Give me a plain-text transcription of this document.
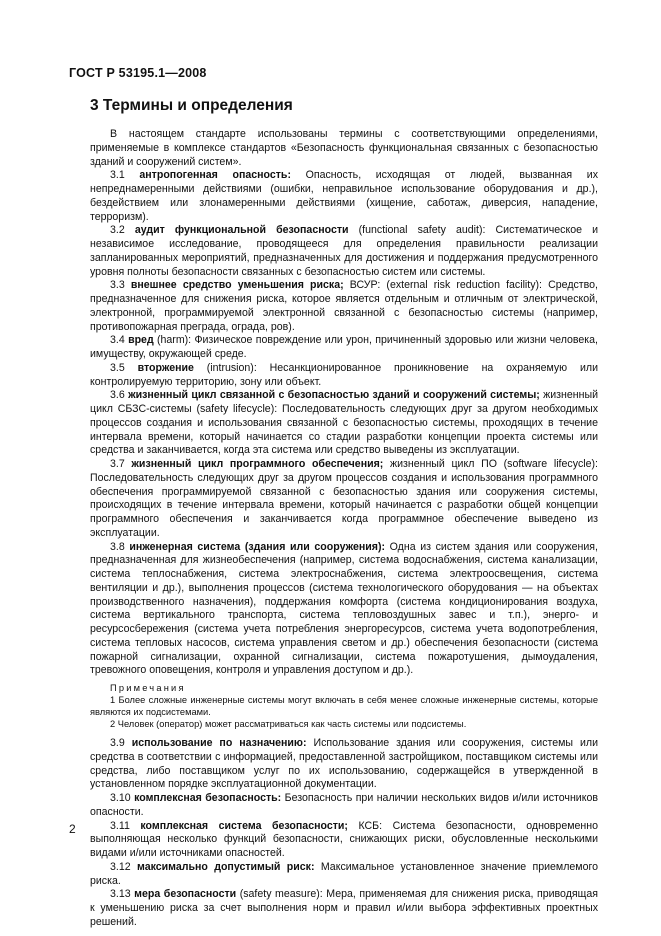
ГОСТ Р 53195.1—2008
3 Термины и определения

В настоящем стандарте использованы термины с соответствующими определениями, применяемые в комплексе стандартов «Безопасность функциональная связанных с безопасностью зданий и сооружений систем».

3.1 антропогенная опасность: Опасность, исходящая от людей, вызванная их непреднамеренными действиями (ошибки, неправильное использование оборудования и др.), бездействием или злонамеренными действиями (хищение, саботаж, диверсия, нападение, терроризм).

3.2 аудит функциональной безопасности (functional safety audit): Систематическое и независимое исследование, проводящееся для определения правильности реализации запланированных мероприятий, предназначенных для достижения и поддержания предусмотренного уровня полноты безопасности связанных с безопасностью систем или системы.

3.3 внешнее средство уменьшения риска; ВСУР: (external risk reduction facility): Средство, предназначенное для снижения риска, которое является отдельным и отличным от электрической, электронной, программируемой электронной связанной с безопасностью системы (например, противопожарная преграда, ограда, ров).

3.4 вред (harm): Физическое повреждение или урон, причиненный здоровью или жизни человека, имуществу, окружающей среде.

3.5 вторжение (intrusion): Несанкционированное проникновение на охраняемую или контролируемую территорию, зону или объект.

3.6 жизненный цикл связанной с безопасностью зданий и сооружений системы; жизненный цикл СБЗС-системы (safety lifecycle): Последовательность следующих друг за другом необходимых процессов создания и использования связанной с безопасностью системы, проходящих в течение интервала времени, который начинается со стадии разработки концепции проекта системы или средства и заканчивается, когда эта система или средство выведены из эксплуатации.

3.7 жизненный цикл программного обеспечения; жизненный цикл ПО (software lifecycle): Последовательность следующих друг за другом процессов создания и использования программного обеспечения программируемой связанной с безопасностью здания или сооружения системы, происходящих в течение интервала времени, который начинается с разработки общей концепции программного обеспечения и заканчивается когда программное обеспечение выведено из эксплуатации.

3.8 инженерная система (здания или сооружения): Одна из систем здания или сооружения, предназначенная для жизнеобеспечения (например, система водоснабжения, система канализации, система теплоснабжения, система электроснабжения, система электроосвещения, система вентиляции и др.), выполнения процессов (система технологического оборудования — на объектах производственного назначения), поддержания комфорта (система кондиционирования воздуха, система вертикального транспорта, система тепловоздушных завес и т.п.), энерго- и ресурсосбережения (система учета потребления энергоресурсов, система учета водопотребления, система тепловых насосов, система управления светом и др.) обеспечения безопасности (система пожарной сигнализации, охранной сигнализации, система пожаротушения, дымоудаления, тревожного оповещения, контроля и управления доступом и др.).

Примечания

1 Более сложные инженерные системы могут включать в себя менее сложные инженерные системы, которые являются их подсистемами.

2 Человек (оператор) может рассматриваться как часть системы или подсистемы.

3.9 использование по назначению: Использование здания или сооружения, системы или средства в соответствии с информацией, предоставленной застройщиком, поставщиком системы или средства, либо поставщиком услуг по их использованию, содержащейся в утвержденной в установленном порядке эксплуатационной документации.

3.10 комплексная безопасность: Безопасность при наличии нескольких видов и/или источников опасности.

3.11 комплексная система безопасности; КСБ: Система безопасности, одновременно выполняющая несколько функций безопасности, снижающих риски, обусловленные несколькими видами и/или источниками опасностей.

3.12 максимально допустимый риск: Максимальное установленное значение приемлемого риска.

3.13 мера безопасности (safety measure): Мера, применяемая для снижения риска, приводящая к уменьшению риска за счет выполнения норм и правил и/или выбора эффективных проектных решений.

2
